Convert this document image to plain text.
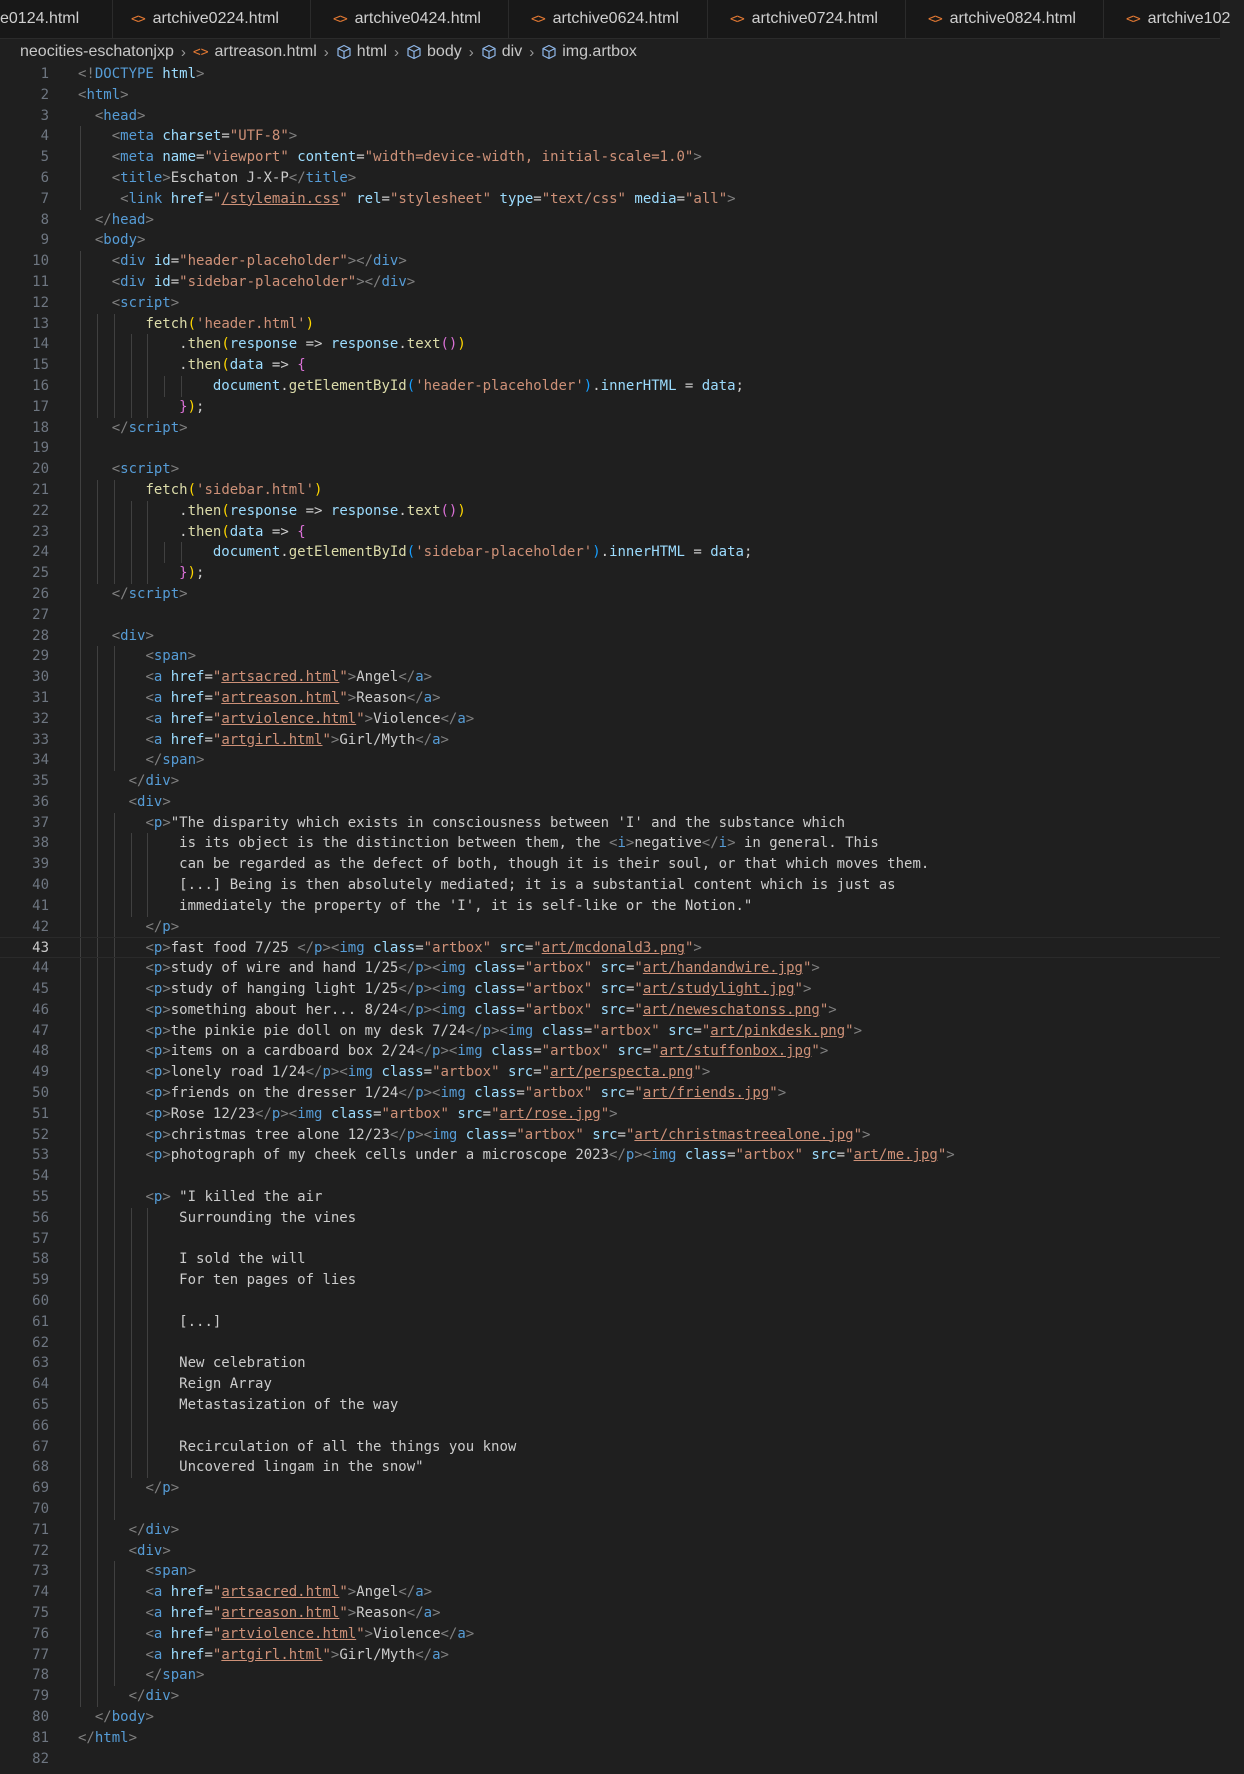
e0124.html	<> artchive0224.html	<> artchive0424.html	<> artchive0624.html	<> artchive0724.html	<> artchive0824.html	<> artchive102
neocities-eschatonjxp › <> artreason.html › html › body › div › img.artbox
1 <!DOCTYPE html>
2 <html>
3	<head>
4	<meta charset="UTF-8">
5	<meta name="viewport" content="width=device-width, initial-scale=1.0">
6	<title>Eschaton J-X-P</title>
7	<link href="/stylemain.css" rel="stylesheet" type="text/css" media="all">
8	</head>
9	<body>
10	<div id="header-placeholder"></div>
11	<div id="sidebar-placeholder"></div>
12	<script>
13	fetch('header.html')
14	.then(response => response.text())
15	.then(data => {
16	document.getElementById('header-placeholder').innerHTML = data;
17	});
18	</script>
19

20	<script>
21	fetch('sidebar.html')
22	.then(response => response.text())
23	.then(data => {
24	document.getElementById('sidebar-placeholder').innerHTML = data;
25	});
26	</script>
27

28	<div>
29	<span>
30	<a href="artsacred.html">Angel</a>
31	<a href="artreason.html">Reason</a>
32	<a href="artviolence.html">Violence</a>
33	<a href="artgirl.html">Girl/Myth</a>
34	</span>
35	</div>
36	<div>
37	<p>"The disparity which exists in consciousness between 'I' and the substance which
38	is its object is the distinction between them, the <i>negative</i> in general. This
39	can be regarded as the defect of both, though it is their soul, or that which moves them.
40	[...] Being is then absolutely mediated; it is a substantial content which is just as
41	immediately the property of the 'I', it is self-like or the Notion."
42	</p>
43	<p>fast food 7/25 </p><img class="artbox" src="art/mcdonald3.png">
44	<p>study of wire and hand 1/25</p><img class="artbox" src="art/handandwire.jpg">
45	<p>study of hanging light 1/25</p><img class="artbox" src="art/studylight.jpg">
46	<p>something about her... 8/24</p><img class="artbox" src="art/neweschatonss.png">
47	<p>the pinkie pie doll on my desk 7/24</p><img class="artbox" src="art/pinkdesk.png">
48	<p>items on a cardboard box 2/24</p><img class="artbox" src="art/stuffonbox.jpg">
49	<p>lonely road 1/24</p><img class="artbox" src="art/perspecta.png">
50	<p>friends on the dresser 1/24</p><img class="artbox" src="art/friends.jpg">
51	<p>Rose 12/23</p><img class="artbox" src="art/rose.jpg">
52	<p>christmas tree alone 12/23</p><img class="artbox" src="art/christmastreealone.jpg">
53	<p>photograph of my cheek cells under a microscope 2023</p><img class="artbox" src="art/me.jpg">
54

55	<p> "I killed the air
56	Surrounding the vines
57

58	I sold the will
59	For ten pages of lies
60

61	[...]
62

63	New celebration
64	Reign Array
65	Metastasization of the way
66

67	Recirculation of all the things you know
68	Uncovered lingam in the snow"
69	</p>
70

71	</div>
72	<div>
73	<span>
74	<a href="artsacred.html">Angel</a>
75	<a href="artreason.html">Reason</a>
76	<a href="artviolence.html">Violence</a>
77	<a href="artgirl.html">Girl/Myth</a>
78	</span>
79	</div>
80	</body>
81 </html>
82
